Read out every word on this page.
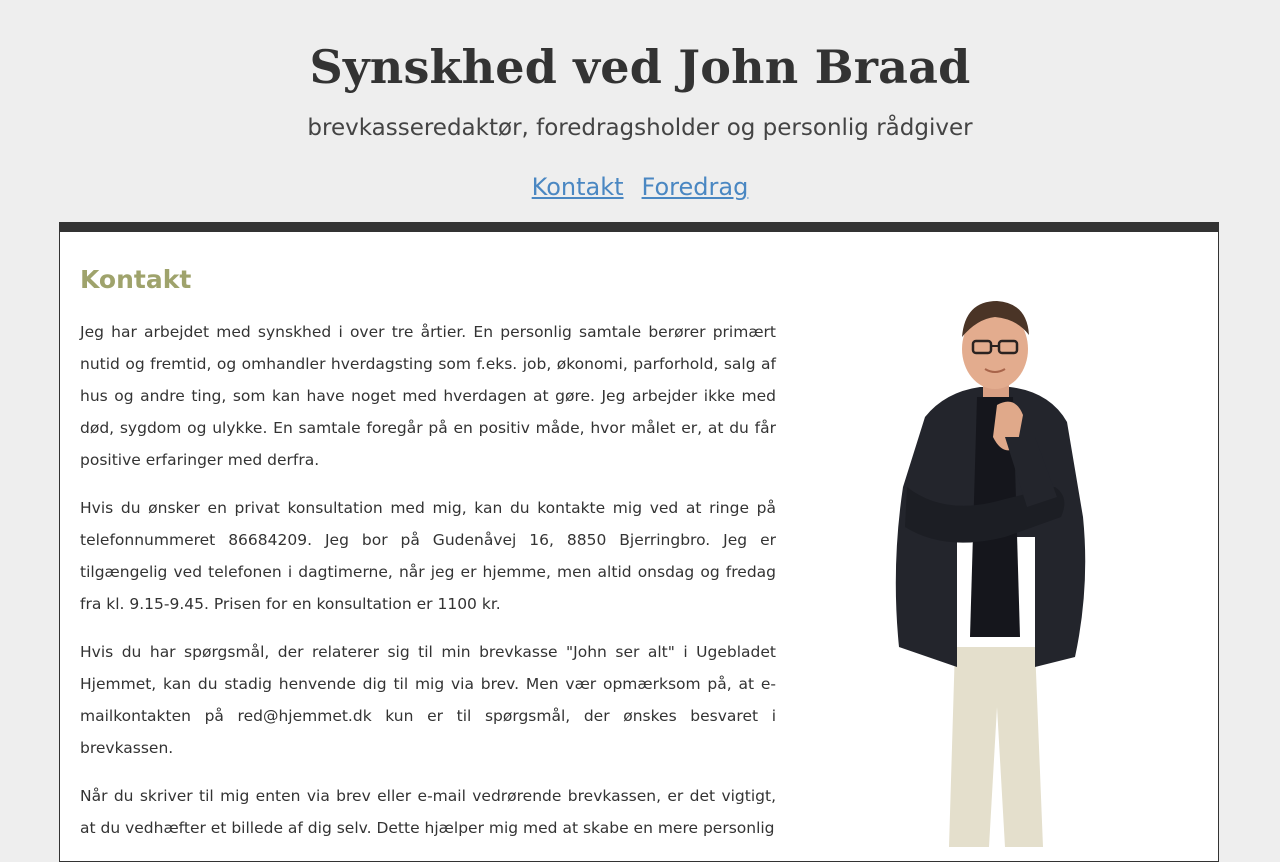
Synskhed ved John Braad

brevkasseredaktør, foredragsholder og personlig rådgiver

Kontakt Foredrag
Kontakt

Jeg har arbejdet med synskhed i over tre årtier. En personlig samtale berører primært nutid og fremtid, og omhandler hverdagsting som f.eks. job, økonomi, parforhold, salg af hus og andre ting, som kan have noget med hverdagen at gøre. Jeg arbejder ikke med død, sygdom og ulykke. En samtale foregår på en positiv måde, hvor målet er, at du får positive erfaringer med derfra.

Hvis du ønsker en privat konsultation med mig, kan du kontakte mig ved at ringe på telefonnummeret 86684209. Jeg bor på Gudenåvej 16, 8850 Bjerringbro. Jeg er tilgængelig ved telefonen i dagtimerne, når jeg er hjemme, men altid onsdag og fredag fra kl. 9.15-9.45. Prisen for en konsultation er 1100 kr.

Hvis du har spørgsmål, der relaterer sig til min brevkasse "John ser alt" i Ugebladet Hjemmet, kan du stadig henvende dig til mig via brev. Men vær opmærksom på, at e-mailkontakten på red@hjemmet.dk kun er til spørgsmål, der ønskes besvaret i brevkassen.

Når du skriver til mig enten via brev eller e-mail vedrørende brevkassen, er det vigtigt, at du vedhæfter et billede af dig selv. Dette hjælper mig med at skabe en mere personlig
